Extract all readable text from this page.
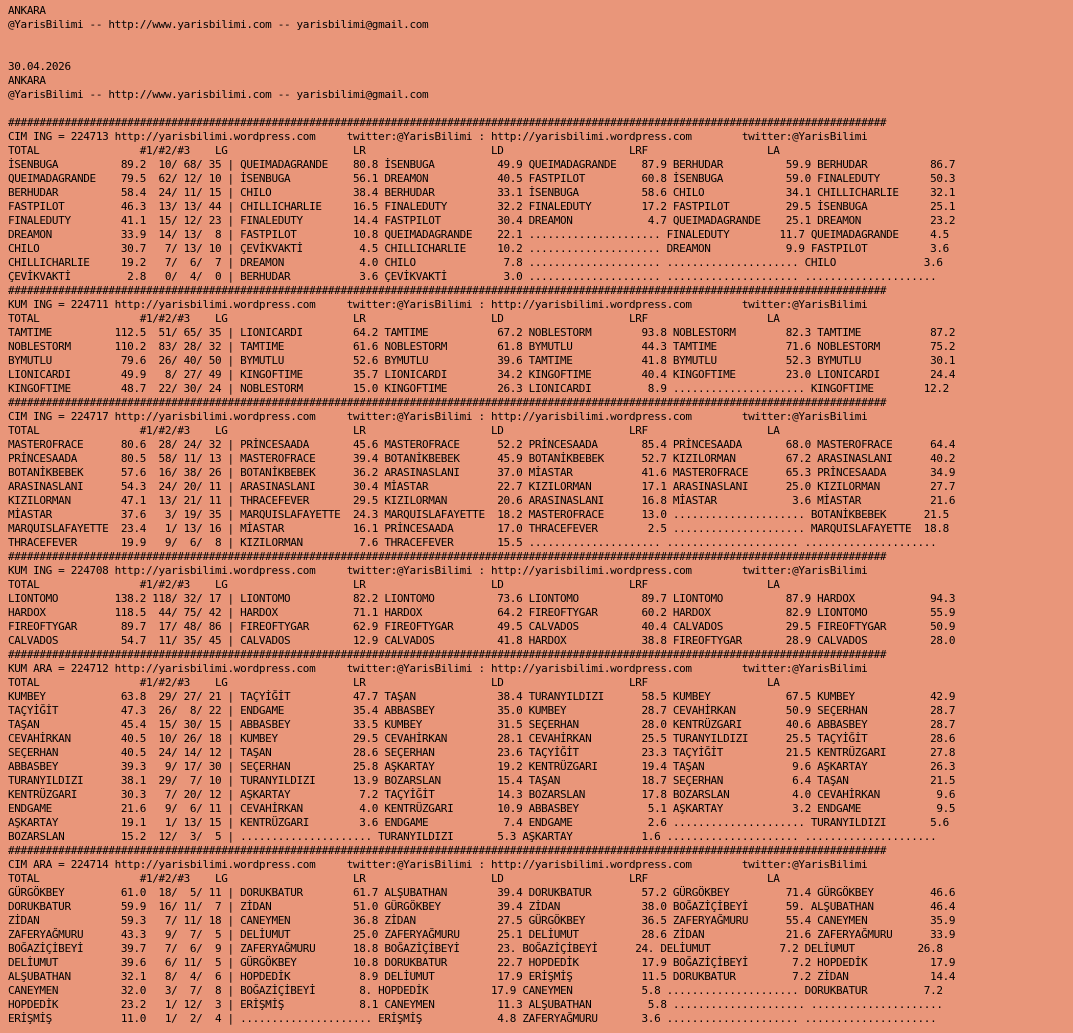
ANKARA
@YarisBilimi -- http://www.yarisbilimi.com -- yarisbilimi@gmail.com
30.04.2026
ANKARA
@YarisBilimi -- http://www.yarisbilimi.com -- yarisbilimi@gmail.com
############################################################################################################################################
CIM ING = 224713 http://yarisbilimi.wordpress.com     twitter:@YarisBilimi : http://yarisbilimi.wordpress.com        twitter:@YarisBilimi
TOTAL                #1/#2/#3    LG                    LR                    LD                    LRF                   LA
İSENBUGA          89.2  10/ 68/ 35 | QUEIMADAGRANDE    80.8 İSENBUGA          49.9 QUEIMADAGRANDE    87.9 BERHUDAR          59.9 BERHUDAR          86.7
QUEIMADAGRANDE    79.5  62/ 12/ 10 | İSENBUGA          56.1 DREAMON           40.5 FASTPILOT         60.8 İSENBUGA          59.0 FINALEDUTY        50.3
BERHUDAR          58.4  24/ 11/ 15 | CHILO             38.4 BERHUDAR          33.1 İSENBUGA          58.6 CHILO             34.1 CHILLICHARLIE     32.1
FASTPILOT         46.3  13/ 13/ 44 | CHILLICHARLIE     16.5 FINALEDUTY        32.2 FINALEDUTY        17.2 FASTPILOT         29.5 İSENBUGA          25.1
FINALEDUTY        41.1  15/ 12/ 23 | FINALEDUTY        14.4 FASTPILOT         30.4 DREAMON            4.7 QUEIMADAGRANDE    25.1 DREAMON           23.2
DREAMON           33.9  14/ 13/  8 | FASTPILOT         10.8 QUEIMADAGRANDE    22.1 ..................... FINALEDUTY        11.7 QUEIMADAGRANDE     4.5
CHILO             30.7   7/ 13/ 10 | ÇEVİKVAKTİ         4.5 CHILLICHARLIE     10.2 ..................... DREAMON            9.9 FASTPILOT          3.6
CHILLICHARLIE     19.2   7/  6/  7 | DREAMON            4.0 CHILO              7.8 ..................... ..................... CHILO              3.6
ÇEVİKVAKTİ         2.8   0/  4/  0 | BERHUDAR           3.6 ÇEVİKVAKTİ         3.0 ..................... ..................... .....................
############################################################################################################################################
KUM ING = 224711 http://yarisbilimi.wordpress.com     twitter:@YarisBilimi : http://yarisbilimi.wordpress.com        twitter:@YarisBilimi
TOTAL                #1/#2/#3    LG                    LR                    LD                    LRF                   LA
TAMTIME          112.5  51/ 65/ 35 | LIONICARDI        64.2 TAMTIME           67.2 NOBLESTORM        93.8 NOBLESTORM        82.3 TAMTIME           87.2
NOBLESTORM       110.2  83/ 28/ 32 | TAMTIME           61.6 NOBLESTORM        61.8 BYMUTLU           44.3 TAMTIME           71.6 NOBLESTORM        75.2
BYMUTLU           79.6  26/ 40/ 50 | BYMUTLU           52.6 BYMUTLU           39.6 TAMTIME           41.8 BYMUTLU           52.3 BYMUTLU           30.1
LIONICARDI        49.9   8/ 27/ 49 | KINGOFTIME        35.7 LIONICARDI        34.2 KINGOFTIME        40.4 KINGOFTIME        23.0 LIONICARDI        24.4
KINGOFTIME        48.7  22/ 30/ 24 | NOBLESTORM        15.0 KINGOFTIME        26.3 LIONICARDI         8.9 ..................... KINGOFTIME        12.2
############################################################################################################################################
CIM ING = 224717 http://yarisbilimi.wordpress.com     twitter:@YarisBilimi : http://yarisbilimi.wordpress.com        twitter:@YarisBilimi
TOTAL                #1/#2/#3    LG                    LR                    LD                    LRF                   LA
MASTEROFRACE      80.6  28/ 24/ 32 | PRİNCESAADA       45.6 MASTEROFRACE      52.2 PRİNCESAADA       85.4 PRİNCESAADA       68.0 MASTEROFRACE      64.4
PRİNCESAADA       80.5  58/ 11/ 13 | MASTEROFRACE      39.4 BOTANİKBEBEK      45.9 BOTANİKBEBEK      52.7 KIZILORMAN        67.2 ARASINASLANI      40.2
BOTANİKBEBEK      57.6  16/ 38/ 26 | BOTANİKBEBEK      36.2 ARASINASLANI      37.0 MİASTAR           41.6 MASTEROFRACE      65.3 PRİNCESAADA       34.9
ARASINASLANI      54.3  24/ 20/ 11 | ARASINASLANI      30.4 MİASTAR           22.7 KIZILORMAN        17.1 ARASINASLANI      25.0 KIZILORMAN        27.7
KIZILORMAN        47.1  13/ 21/ 11 | THRACEFEVER       29.5 KIZILORMAN        20.6 ARASINASLANI      16.8 MİASTAR            3.6 MİASTAR           21.6
MİASTAR           37.6   3/ 19/ 35 | MARQUISLAFAYETTE  24.3 MARQUISLAFAYETTE  18.2 MASTEROFRACE      13.0 ..................... BOTANİKBEBEK      21.5
MARQUISLAFAYETTE  23.4   1/ 13/ 16 | MİASTAR           16.1 PRİNCESAADA       17.0 THRACEFEVER        2.5 ..................... MARQUISLAFAYETTE  18.8
THRACEFEVER       19.9   9/  6/  8 | KIZILORMAN         7.6 THRACEFEVER       15.5 ..................... ..................... .....................
############################################################################################################################################
KUM ING = 224708 http://yarisbilimi.wordpress.com     twitter:@YarisBilimi : http://yarisbilimi.wordpress.com        twitter:@YarisBilimi
TOTAL                #1/#2/#3    LG                    LR                    LD                    LRF                   LA
LIONTOMO         138.2 118/ 32/ 17 | LIONTOMO          82.2 LIONTOMO          73.6 LIONTOMO          89.7 LIONTOMO          87.9 HARDOX            94.3
HARDOX           118.5  44/ 75/ 42 | HARDOX            71.1 HARDOX            64.2 FIREOFTYGAR       60.2 HARDOX            82.9 LIONTOMO          55.9
FIREOFTYGAR       89.7  17/ 48/ 86 | FIREOFTYGAR       62.9 FIREOFTYGAR       49.5 CALVADOS          40.4 CALVADOS          29.5 FIREOFTYGAR       50.9
CALVADOS          54.7  11/ 35/ 45 | CALVADOS          12.9 CALVADOS          41.8 HARDOX            38.8 FIREOFTYGAR       28.9 CALVADOS          28.0
############################################################################################################################################
KUM ARA = 224712 http://yarisbilimi.wordpress.com     twitter:@YarisBilimi : http://yarisbilimi.wordpress.com        twitter:@YarisBilimi
TOTAL                #1/#2/#3    LG                    LR                    LD                    LRF                   LA
KUMBEY            63.8  29/ 27/ 21 | TAÇYİĞİT          47.7 TAŞAN             38.4 TURANYILDIZI      58.5 KUMBEY            67.5 KUMBEY            42.9
TAÇYİĞİT          47.3  26/  8/ 22 | ENDGAME           35.4 ABBASBEY          35.0 KUMBEY            28.7 CEVAHİRKAN        50.9 SEÇERHAN          28.7
TAŞAN             45.4  15/ 30/ 15 | ABBASBEY          33.5 KUMBEY            31.5 SEÇERHAN          28.0 KENTRÜZGARI       40.6 ABBASBEY          28.7
CEVAHİRKAN        40.5  10/ 26/ 18 | KUMBEY            29.5 CEVAHİRKAN        28.1 CEVAHİRKAN        25.5 TURANYILDIZI      25.5 TAÇYİĞİT          28.6
SEÇERHAN          40.5  24/ 14/ 12 | TAŞAN             28.6 SEÇERHAN          23.6 TAÇYİĞİT          23.3 TAÇYİĞİT          21.5 KENTRÜZGARI       27.8
ABBASBEY          39.3   9/ 17/ 30 | SEÇERHAN          25.8 AŞKARTAY          19.2 KENTRÜZGARI       19.4 TAŞAN              9.6 AŞKARTAY          26.3
TURANYILDIZI      38.1  29/  7/ 10 | TURANYILDIZI      13.9 BOZARSLAN         15.4 TAŞAN             18.7 SEÇERHAN           6.4 TAŞAN             21.5
KENTRÜZGARI       30.3   7/ 20/ 12 | AŞKARTAY           7.2 TAÇYİĞİT          14.3 BOZARSLAN         17.8 BOZARSLAN          4.0 CEVAHİRKAN         9.6
ENDGAME           21.6   9/  6/ 11 | CEVAHİRKAN         4.0 KENTRÜZGARI       10.9 ABBASBEY           5.1 AŞKARTAY           3.2 ENDGAME            9.5
AŞKARTAY          19.1   1/ 13/ 15 | KENTRÜZGARI        3.6 ENDGAME            7.4 ENDGAME            2.6 ..................... TURANYILDIZI       5.6
BOZARSLAN         15.2  12/  3/  5 | ..................... TURANYILDIZI       5.3 AŞKARTAY           1.6 ..................... .....................
############################################################################################################################################
CIM ARA = 224714 http://yarisbilimi.wordpress.com     twitter:@YarisBilimi : http://yarisbilimi.wordpress.com        twitter:@YarisBilimi
TOTAL                #1/#2/#3    LG                    LR                    LD                    LRF                   LA
GÜRGÖKBEY         61.0  18/  5/ 11 | DORUKBATUR        61.7 ALŞUBATHAN        39.4 DORUKBATUR        57.2 GÜRGÖKBEY         71.4 GÜRGÖKBEY         46.6
DORUKBATUR        59.9  16/ 11/  7 | ZİDAN             51.0 GÜRGÖKBEY         39.4 ZİDAN             38.0 BOĞAZİÇİBEYİ      59. ALŞUBATHAN         46.4
ZİDAN             59.3   7/ 11/ 18 | CANEYMEN          36.8 ZİDAN             27.5 GÜRGÖKBEY         36.5 ZAFERYAĞMURU      55.4 CANEYMEN          35.9
ZAFERYAĞMURU      43.3   9/  7/  5 | DELİUMUT          25.0 ZAFERYAĞMURU      25.1 DELİUMUT          28.6 ZİDAN             21.6 ZAFERYAĞMURU      33.9
BOĞAZİÇİBEYİ      39.7   7/  6/  9 | ZAFERYAĞMURU      18.8 BOĞAZİÇİBEYİ      23. BOĞAZİÇİBEYİ      24. DELİUMUT           7.2 DELİUMUT          26.8
DELİUMUT          39.6   6/ 11/  5 | GÜRGÖKBEY         10.8 DORUKBATUR        22.7 HOPDEDİK          17.9 BOĞAZİÇİBEYİ       7.2 HOPDEDİK          17.9
ALŞUBATHAN        32.1   8/  4/  6 | HOPDEDİK           8.9 DELİUMUT          17.9 ERİŞMİŞ           11.5 DORUKBATUR         7.2 ZİDAN             14.4
CANEYMEN          32.0   3/  7/  8 | BOĞAZİÇİBEYİ       8. HOPDEDİK          17.9 CANEYMEN           5.8 ..................... DORUKBATUR         7.2
HOPDEDİK          23.2   1/ 12/  3 | ERİŞMİŞ            8.1 CANEYMEN          11.3 ALŞUBATHAN         5.8 ..................... .....................
ERİŞMİŞ           11.0   1/  2/  4 | ..................... ERİŞMİŞ            4.8 ZAFERYAĞMURU       3.6 ..................... .....................
